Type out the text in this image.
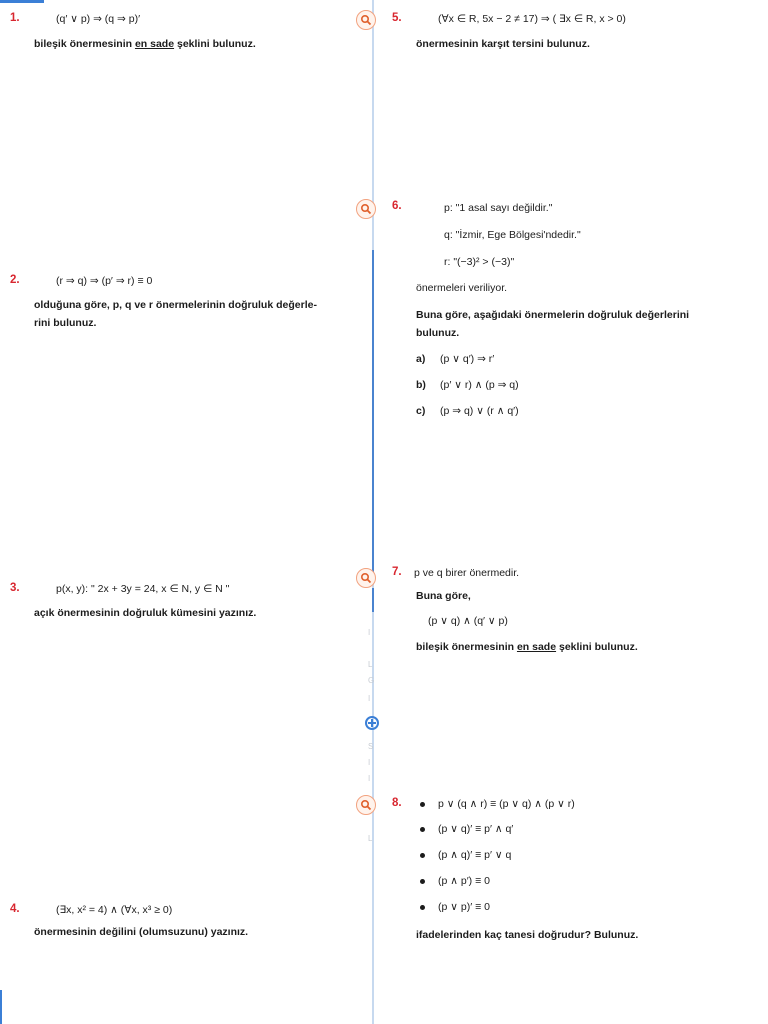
I
L
G
I
S
I
I
L
1.	(q′ ∨ p) ⇒ (q ⇒ p)′
bileşik önermesinin en sade şeklini bulunuz.
2.	(r ⇒ q) ⇒ (p′ ⇒ r) ≡ 0
olduğuna göre, p, q ve r önermelerinin doğruluk değerle-
rini bulunuz.
3.	p(x, y): " 2x + 3y = 24, x ∈ N, y ∈ N "
açık önermesinin doğruluk kümesini yazınız.
4.	(∃x, x² = 4) ∧ (∀x, x³ ≥ 0)
önermesinin değilini (olumsuzunu) yazınız.
5.	(∀x ∈ R, 5x − 2 ≠ 17) ⇒ ( ∃x ∈ R, x > 0)
önermesinin karşıt tersini bulunuz.
6.	p: "1 asal sayı değildir."
q: "İzmir, Ege Bölgesi'ndedir."
r: "(−3)² > (−3)"
önermeleri veriliyor.
Buna göre, aşağıdaki önermelerin doğruluk değerlerini
bulunuz.
a) (p ∨ q′) ⇒ r′
b) (p′ ∨ r) ∧ (p ⇒ q)
c) (p ⇒ q) ∨ (r ∧ q′)
7. p ve q birer önermedir.
Buna göre,
(p ∨ q) ∧ (q′ ∨ p)
bileşik önermesinin en sade şeklini bulunuz.
8.	p ∨ (q ∧ r) ≡ (p ∨ q) ∧ (p ∨ r)
(p ∨ q)′ ≡ p′ ∧ q′
(p ∧ q)′ ≡ p′ ∨ q
(p ∧ p′) ≡ 0
(p ∨ p)′ ≡ 0
ifadelerinden kaç tanesi doğrudur? Bulunuz.
